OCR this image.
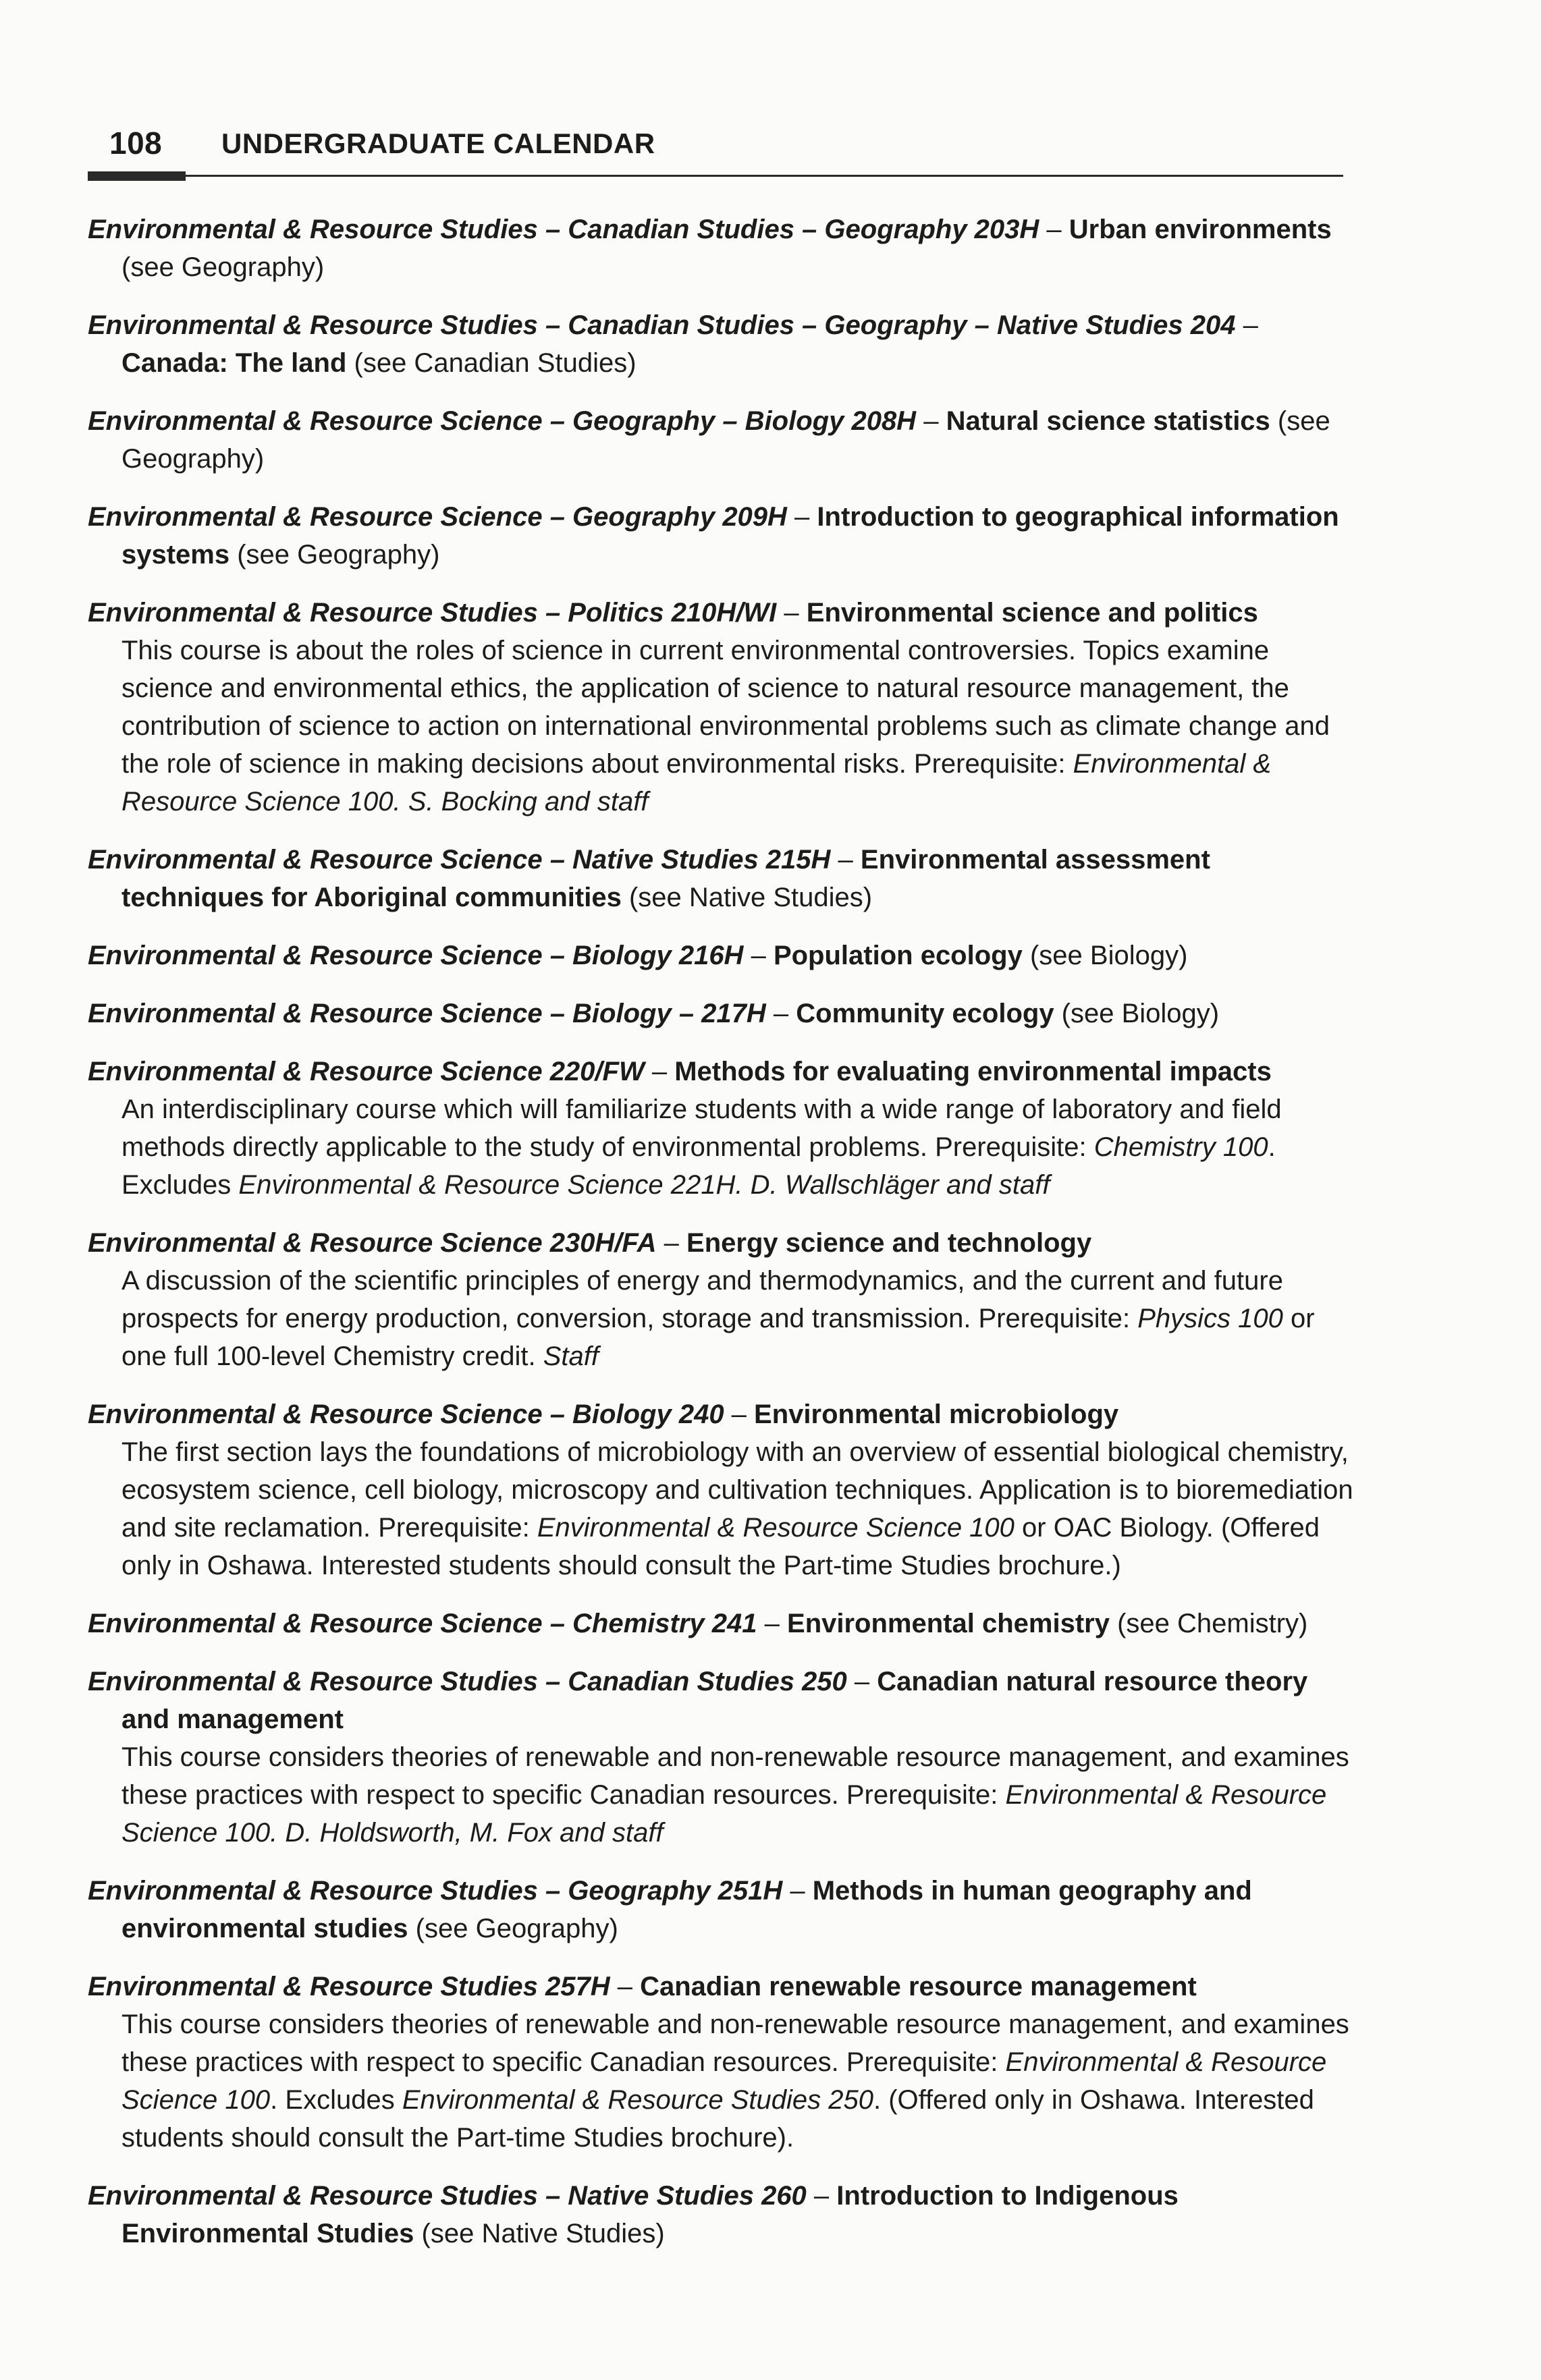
108 UNDERGRADUATE CALENDAR
Environmental & Resource Studies – Canadian Studies – Geography 203H – Urban environments (see Geography)
Environmental & Resource Studies – Canadian Studies – Geography – Native Studies 204 – Canada: The land (see Canadian Studies)
Environmental & Resource Science – Geography – Biology 208H – Natural science statistics (see Geography)
Environmental & Resource Science – Geography 209H – Introduction to geographical information systems (see Geography)
Environmental & Resource Studies – Politics 210H/WI – Environmental science and politics
This course is about the roles of science in current environmental controversies. Topics examine science and environmental ethics, the application of science to natural resource management, the contribution of science to action on international environmental problems such as climate change and the role of science in making decisions about environmental risks. Prerequisite: Environmental & Resource Science 100. S. Bocking and staff
Environmental & Resource Science – Native Studies 215H – Environmental assessment techniques for Aboriginal communities (see Native Studies)
Environmental & Resource Science – Biology 216H – Population ecology (see Biology)
Environmental & Resource Science – Biology – 217H – Community ecology (see Biology)
Environmental & Resource Science 220/FW – Methods for evaluating environmental impacts
An interdisciplinary course which will familiarize students with a wide range of laboratory and field methods directly applicable to the study of environmental problems. Prerequisite: Chemistry 100. Excludes Environmental & Resource Science 221H. D. Wallschläger and staff
Environmental & Resource Science 230H/FA – Energy science and technology
A discussion of the scientific principles of energy and thermodynamics, and the current and future prospects for energy production, conversion, storage and transmission. Prerequisite: Physics 100 or one full 100-level Chemistry credit. Staff
Environmental & Resource Science – Biology 240 – Environmental microbiology
The first section lays the foundations of microbiology with an overview of essential biological chemistry, ecosystem science, cell biology, microscopy and cultivation techniques. Application is to bioremediation and site reclamation. Prerequisite: Environmental & Resource Science 100 or OAC Biology. (Offered only in Oshawa. Interested students should consult the Part-time Studies brochure.)
Environmental & Resource Science – Chemistry 241 – Environmental chemistry (see Chemistry)
Environmental & Resource Studies – Canadian Studies 250 – Canadian natural resource theory and management
This course considers theories of renewable and non-renewable resource management, and examines these practices with respect to specific Canadian resources. Prerequisite: Environmental & Resource Science 100. D. Holdsworth, M. Fox and staff
Environmental & Resource Studies – Geography 251H – Methods in human geography and environmental studies (see Geography)
Environmental & Resource Studies 257H – Canadian renewable resource management
This course considers theories of renewable and non-renewable resource management, and examines these practices with respect to specific Canadian resources. Prerequisite: Environmental & Resource Science 100. Excludes Environmental & Resource Studies 250. (Offered only in Oshawa. Interested students should consult the Part-time Studies brochure).
Environmental & Resource Studies – Native Studies 260 – Introduction to Indigenous Environmental Studies (see Native Studies)
